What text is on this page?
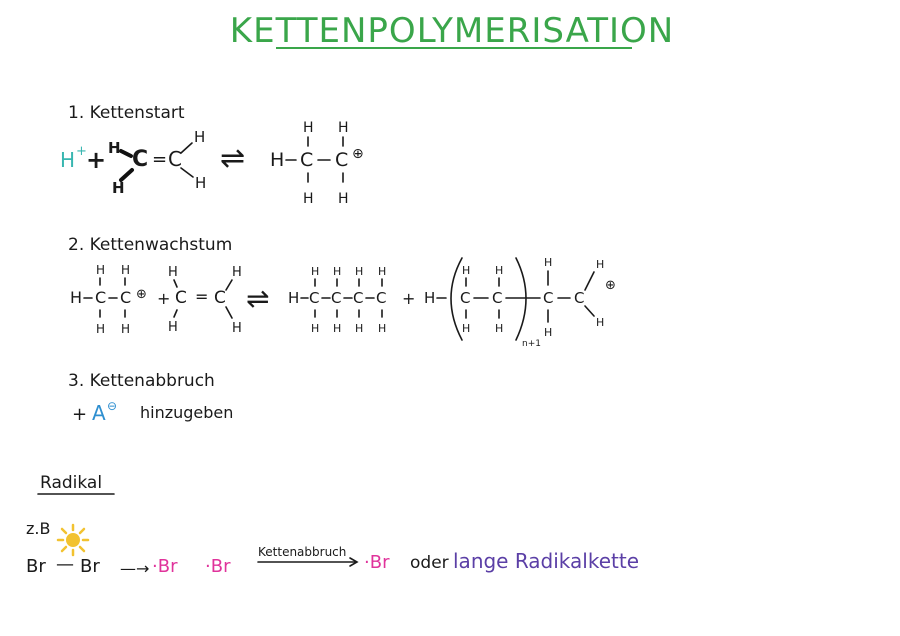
KETTENPOLYMERISATION
1. Kettenstart
H + + H C
H
= C
H
H
⇌ H C C ⊕
H H
H H
2. Kettenwachstum
H C C ⊕
H H
H H
+
H
C
H
= C
H
H
⇌ H C C C C
H H H H
H H H H
+ H C C
n+1
H H
H H
C
H
H
C
H
H
⊕
3. Kettenabbruch
+ A ⊖ hinzugeben
Radikal
z.B
Br — Br —→ ·Br ·Br
Kettenabbruch ·Br oder lange Radikalkette
